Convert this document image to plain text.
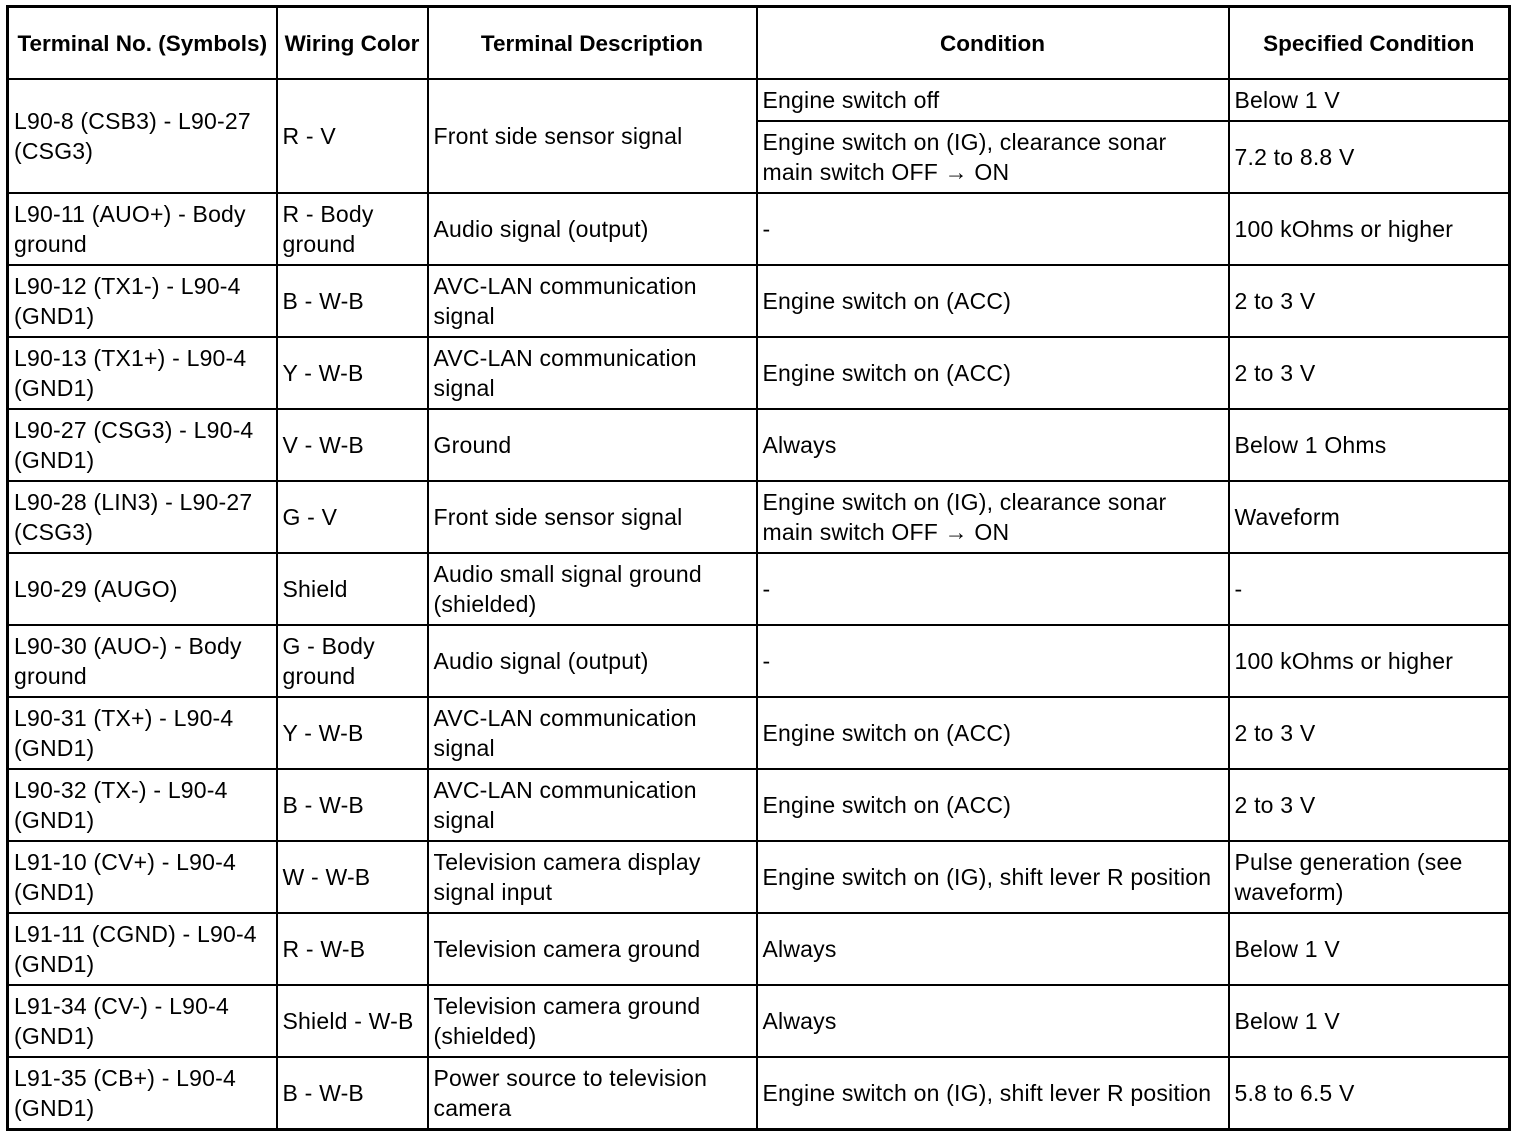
Terminal No. (Symbols)	Wiring Color	Terminal Description	Condition	Specified Condition
L90-8 (CSB3) - L90-27 (CSG3)	R - V	Front side sensor signal	Engine switch off	Below 1 V
			Engine switch on (IG), clearance sonar main switch OFF → ON	7.2 to 8.8 V
L90-11 (AUO+) - Body ground	R - Body ground	Audio signal (output)	-	100 kOhms or higher
L90-12 (TX1-) - L90-4 (GND1)	B - W-B	AVC-LAN communication signal	Engine switch on (ACC)	2 to 3 V
L90-13 (TX1+) - L90-4 (GND1)	Y - W-B	AVC-LAN communication signal	Engine switch on (ACC)	2 to 3 V
L90-27 (CSG3) - L90-4 (GND1)	V - W-B	Ground	Always	Below 1 Ohms
L90-28 (LIN3) - L90-27 (CSG3)	G - V	Front side sensor signal	Engine switch on (IG), clearance sonar main switch OFF → ON	Waveform
L90-29 (AUGO)	Shield	Audio small signal ground (shielded)	-	-
L90-30 (AUO-) - Body ground	G - Body ground	Audio signal (output)	-	100 kOhms or higher
L90-31 (TX+) - L90-4 (GND1)	Y - W-B	AVC-LAN communication signal	Engine switch on (ACC)	2 to 3 V
L90-32 (TX-) - L90-4 (GND1)	B - W-B	AVC-LAN communication signal	Engine switch on (ACC)	2 to 3 V
L91-10 (CV+) - L90-4 (GND1)	W - W-B	Television camera display signal input	Engine switch on (IG), shift lever R position	Pulse generation (see waveform)
L91-11 (CGND) - L90-4 (GND1)	R - W-B	Television camera ground	Always	Below 1 V
L91-34 (CV-) - L90-4 (GND1)	Shield - W-B	Television camera ground (shielded)	Always	Below 1 V
L91-35 (CB+) - L90-4 (GND1)	B - W-B	Power source to television camera	Engine switch on (IG), shift lever R position	5.8 to 6.5 V
